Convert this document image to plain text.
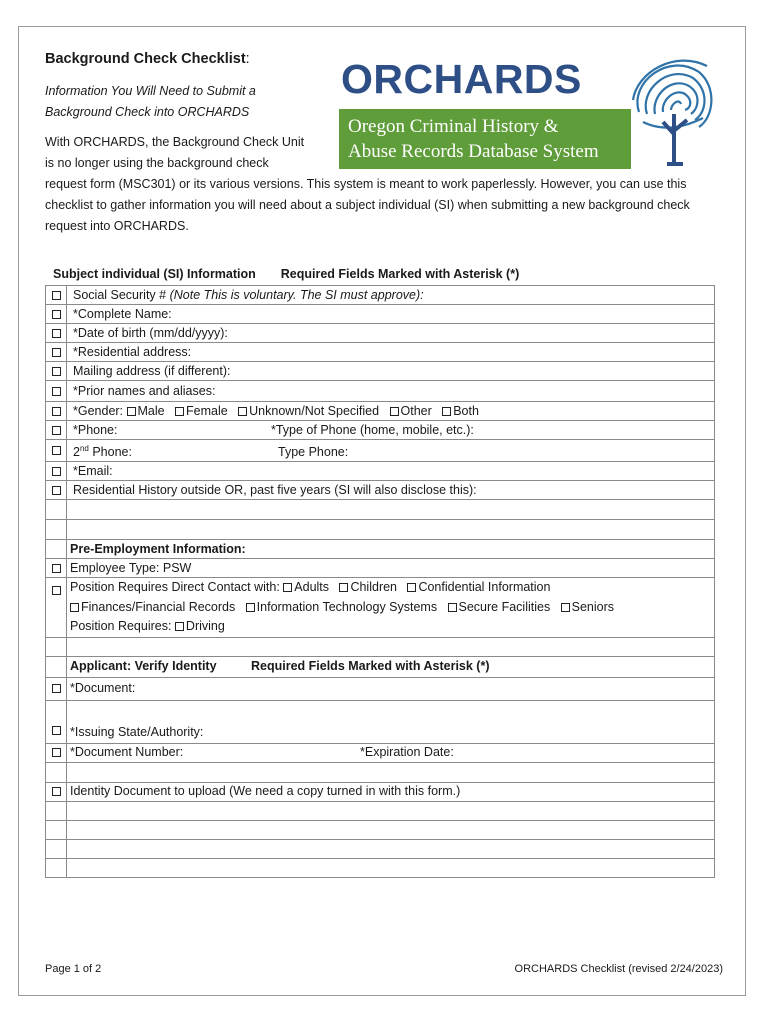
Background Check Checklist:
Information You Will Need to Submit a Background Check into ORCHARDS
With ORCHARDS, the Background Check Unit is no longer using the background check
request form (MSC301) or its various versions. This system is meant to work paperlessly. However, you can use this checklist to gather information you will need about a subject individual (SI) when submitting a new background check request into ORCHARDS.
ORCHARDS
Oregon Criminal History &
Abuse Records Database System
Subject individual (SI) Information Required Fields Marked with Asterisk (*)
	Social Security # (Note This is voluntary. The SI must approve):
	*Complete Name:
	*Date of birth (mm/dd/yyyy):
	*Residential address:
	Mailing address (if different):
	*Prior names and aliases:
	*Gender: Male Female Unknown/Not Specified Other Both
	*Phone: *Type of Phone (home, mobile, etc.):
	2nd Phone: Type Phone:
	*Email:
	Residential History outside OR, past five years (SI will also disclose this):

	Pre-Employment Information:
	Employee Type: PSW
	Position Requires Direct Contact with: Adults Children Confidential Information
Finances/Financial Records Information Technology Systems Secure Facilities Seniors
Position Requires: Driving

	Applicant: Verify Identity Required Fields Marked with Asterisk (*)
	*Document:
	*Issuing State/Authority:
	*Document Number: *Expiration Date:

	Identity Document to upload (We need a copy turned in with this form.)

Page 1 of 2	ORCHARDS Checklist (revised 2/24/2023)
